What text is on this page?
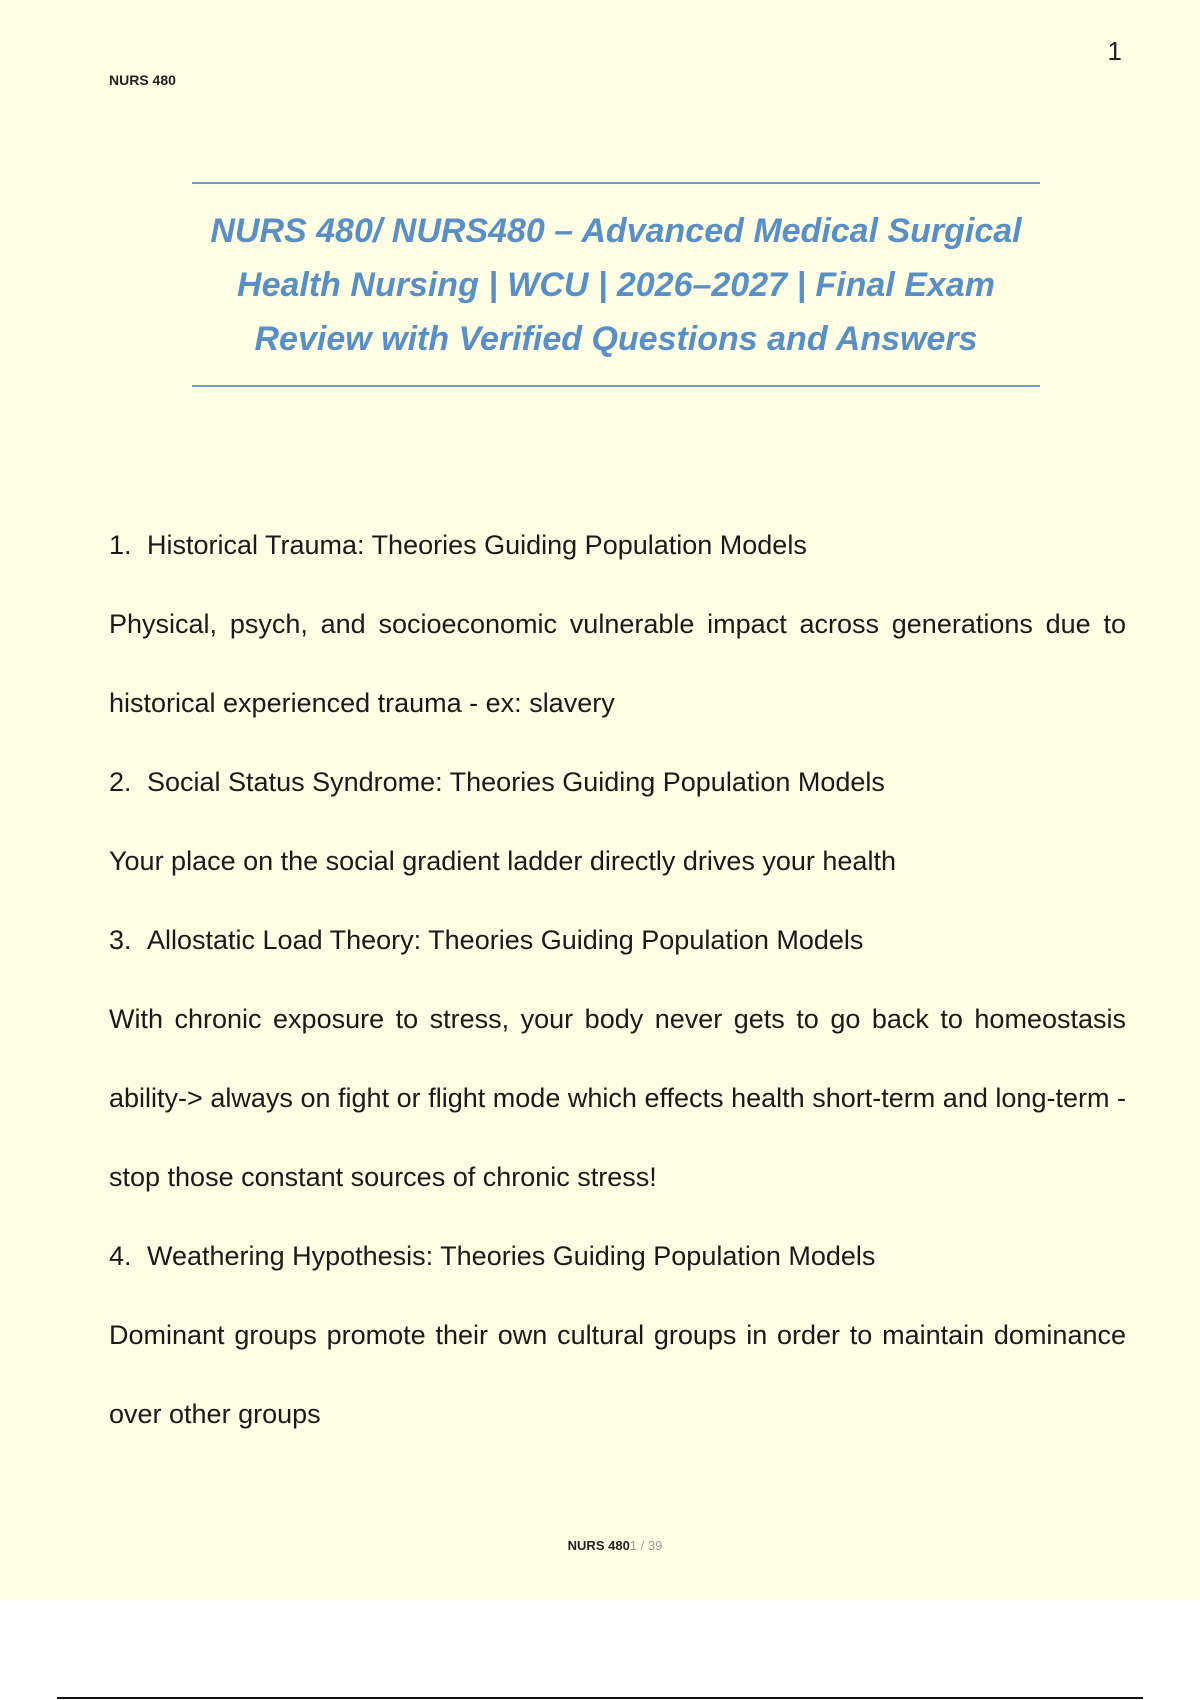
1
NURS 480
NURS 480/ NURS480 – Advanced Medical Surgical Health Nursing | WCU | 2026–2027 | Final Exam Review with Verified Questions and Answers

1. Historical Trauma: Theories Guiding Population Models

Physical, psych, and socioeconomic vulnerable impact across generations due to historical experienced trauma - ex: slavery

2. Social Status Syndrome: Theories Guiding Population Models

Your place on the social gradient ladder directly drives your health

3. Allostatic Load Theory: Theories Guiding Population Models

With chronic exposure to stress, your body never gets to go back to homeostasis ability-> always on fight or flight mode which effects health short-term and long-term - stop those constant sources of chronic stress!

4. Weathering Hypothesis: Theories Guiding Population Models

Dominant groups promote their own cultural groups in order to maintain dominance over other groups

NURS 4801 / 39
